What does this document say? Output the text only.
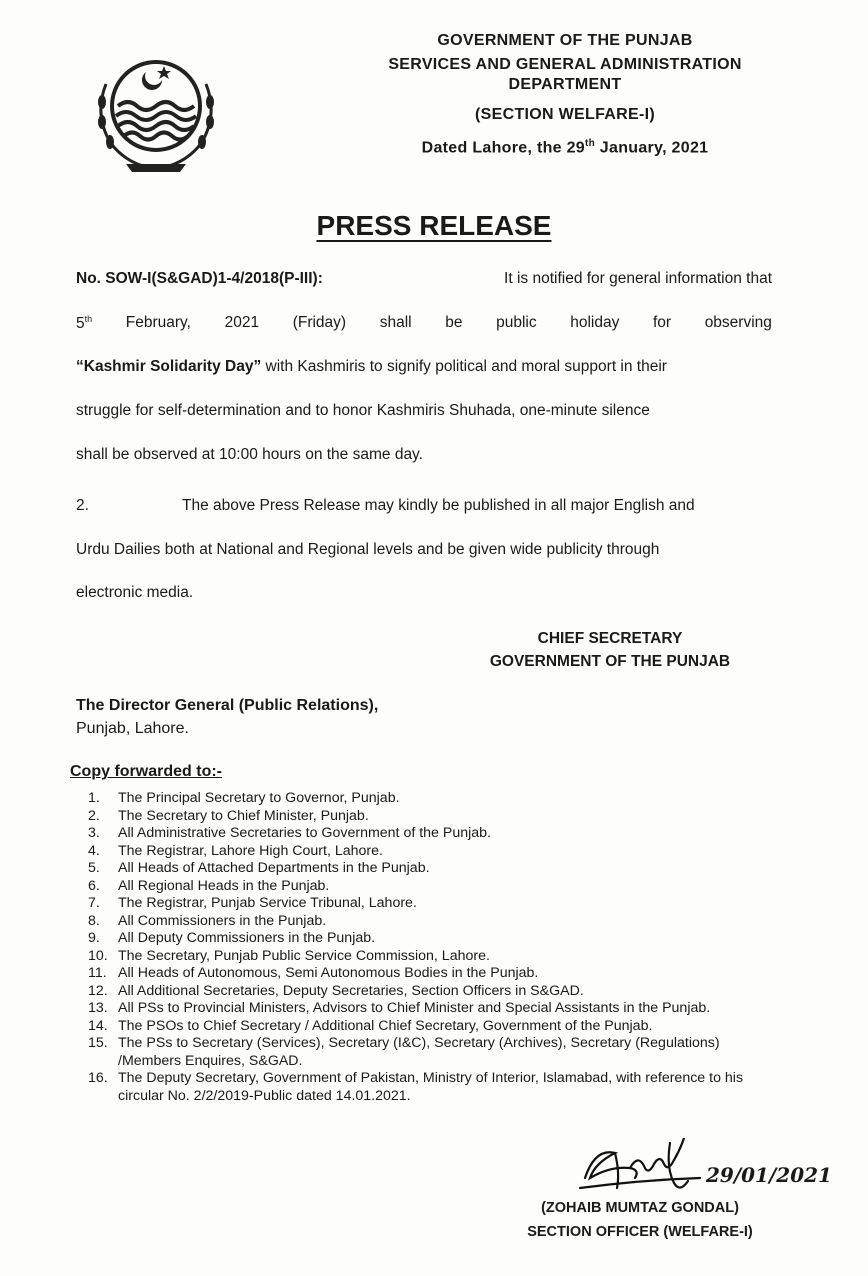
GOVERNMENT OF THE PUNJAB
SERVICES AND GENERAL ADMINISTRATION
DEPARTMENT
(SECTION WELFARE-I)
Dated Lahore, the 29th January, 2021
PRESS RELEASE
No. SOW-I(S&GAD)1-4/2018(P-III):	It is notified for general information that
5th February, 2021 (Friday) shall be public holiday for observing
“Kashmir Solidarity Day” with Kashmiris to signify political and moral support in their
struggle for self-determination and to honor Kashmiris Shuhada, one-minute silence
shall be observed at 10:00 hours on the same day.
2.	The above Press Release may kindly be published in all major English and
Urdu Dailies both at National and Regional levels and be given wide publicity through
electronic media.
CHIEF SECRETARY
GOVERNMENT OF THE PUNJAB
The Director General (Public Relations),
Punjab, Lahore.
Copy forwarded to:-
1.	The Principal Secretary to Governor, Punjab.
2.	The Secretary to Chief Minister, Punjab.
3.	All Administrative Secretaries to Government of the Punjab.
4.	The Registrar, Lahore High Court, Lahore.
5.	All Heads of Attached Departments in the Punjab.
6.	All Regional Heads in the Punjab.
7.	The Registrar, Punjab Service Tribunal, Lahore.
8.	All Commissioners in the Punjab.
9.	All Deputy Commissioners in the Punjab.
10. The Secretary, Punjab Public Service Commission, Lahore.
11. All Heads of Autonomous, Semi Autonomous Bodies in the Punjab.
12. All Additional Secretaries, Deputy Secretaries, Section Officers in S&GAD.
13. All PSs to Provincial Ministers, Advisors to Chief Minister and Special Assistants in the Punjab.
14. The PSOs to Chief Secretary / Additional Chief Secretary, Government of the Punjab.
15. The PSs to Secretary (Services), Secretary (I&C), Secretary (Archives), Secretary (Regulations) /Members Enquires, S&GAD.
16. The Deputy Secretary, Government of Pakistan, Ministry of Interior, Islamabad, with reference to his circular No. 2/2/2019-Public dated 14.01.2021.
29/01/2021
(ZOHAIB MUMTAZ GONDAL)
SECTION OFFICER (WELFARE-I)
